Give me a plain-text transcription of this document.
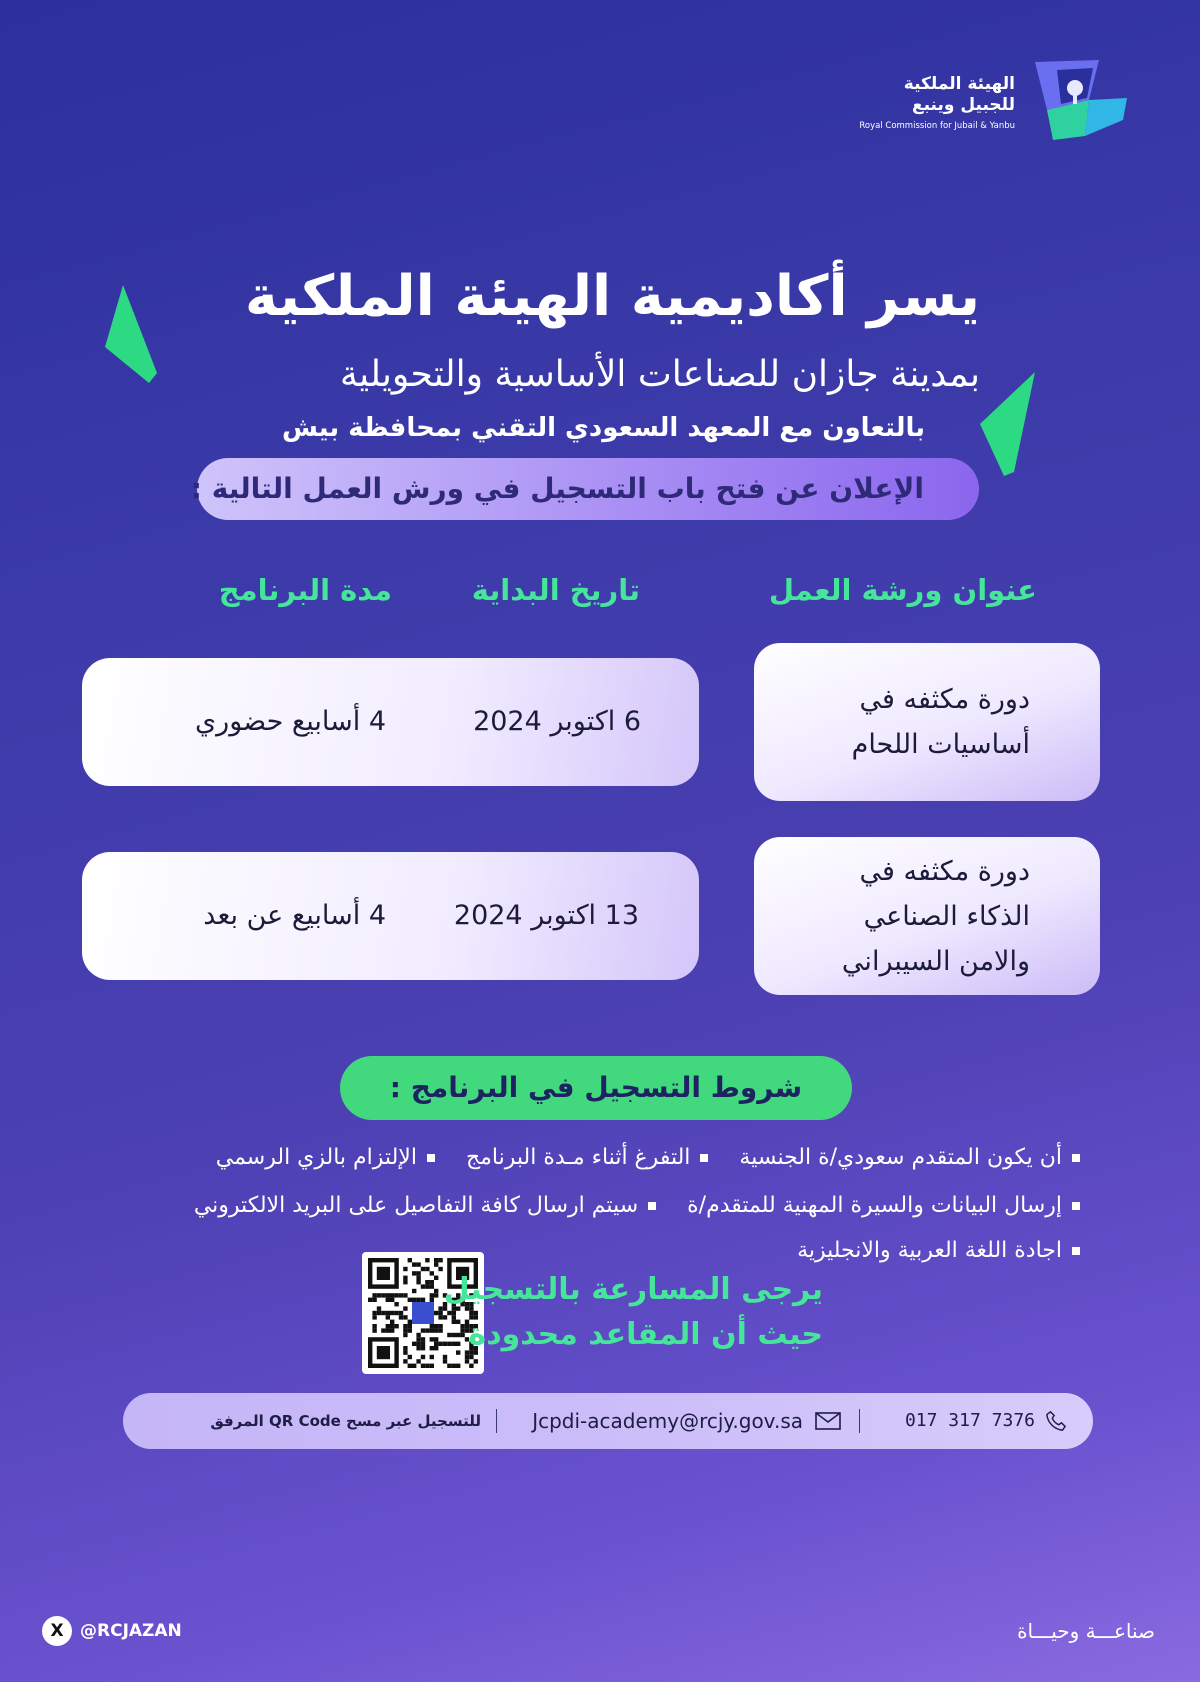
الهيئة الملكية
للجبيل وينبع
Royal Commission for Jubail & Yanbu
يسر أكاديمية الهيئة الملكية
بمدينة جازان للصناعات الأساسية والتحويلية
بالتعاون مع المعهد السعودي التقني بمحافظة بيش
الإعلان عن فتح باب التسجيل في ورش العمل التالية :
عنوان ورشة العمل
تاريخ البداية
مدة البرنامج
دورة مكثفه في
أساسيات اللحام
6 اكتوبر 2024
4 أسابيع حضوري
دورة مكثفه في
الذكاء الصناعي
والامن السيبراني
13 اكتوبر 2024
4 أسابيع عن بعد
شروط التسجيل في البرنامج :
أن يكون المتقدم سعودي/ة الجنسية التفرغ أثناء مـدة البرنامج الإلتزام بالزي الرسمي
إرسال البيانات والسيرة المهنية للمتقدم/ة سيتم ارسال كافة التفاصيل على البريد الالكتروني
اجادة اللغة العربية والانجليزية
يرجى المسارعة بالتسجيل
حيث أن المقاعد محدودة
017 317 7376
Jcpdi-academy@rcjy.gov.sa
للتسجيل عبر مسح QR Code المرفق
X @RCJAZAN	صناعـــة وحيـــاة
